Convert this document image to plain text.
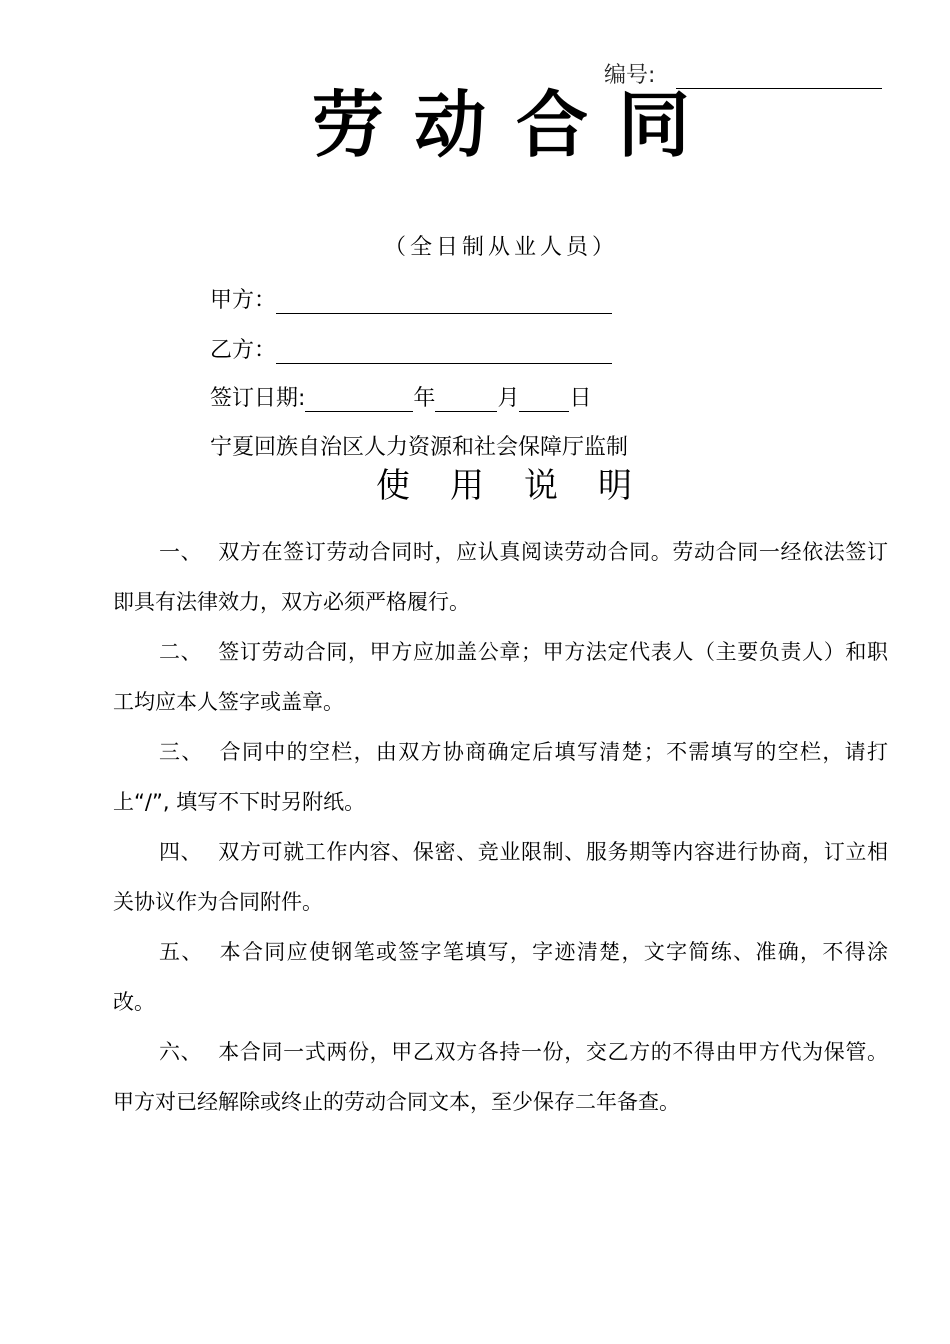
编号:
劳动合同
（全日制从业人员）
甲方：
乙方：
签订日期:	年	月 日
宁夏回族自治区人力资源和社会保障厅监制
使用说明

一、 双方在签订劳动合同时，应认真阅读劳动合同。劳动合同一经依法签订即具有法律效力，双方必须严格履行。

二、 签订劳动合同，甲方应加盖公章；甲方法定代表人（主要负责人）和职工均应本人签字或盖章。

三、 合同中的空栏，由双方协商确定后填写清楚；不需填写的空栏，请打上“/”, 填写不下时另附纸。

四、 双方可就工作内容、保密、竞业限制、服务期等内容进行协商，订立相关协议作为合同附件。

五、 本合同应使钢笔或签字笔填写，字迹清楚，文字简练、准确，不得涂改。

六、 本合同一式两份，甲乙双方各持一份，交乙方的不得由甲方代为保管。甲方对已经解除或终止的劳动合同文本，至少保存二年备查。
